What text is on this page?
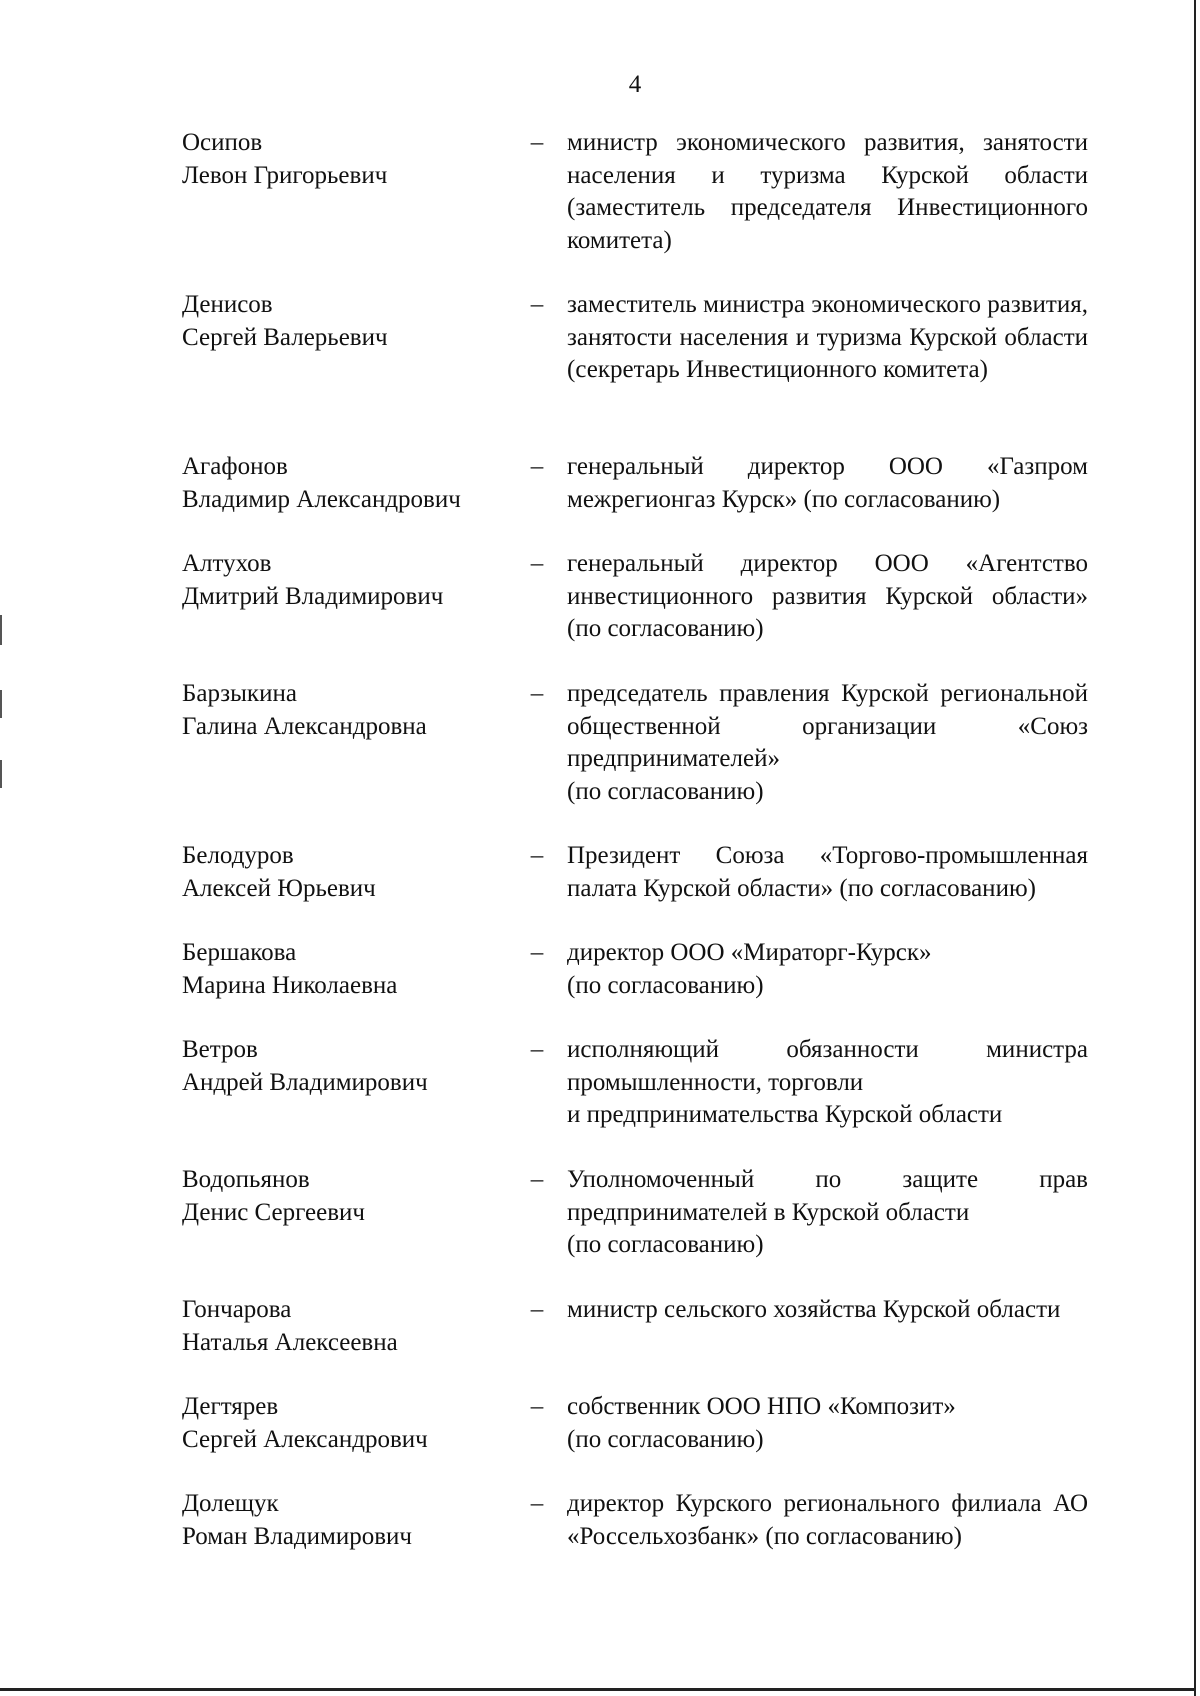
4
Осипов
Левон Григорьевич
– министр экономического развития, занятости населения и туризма Курской области (заместитель председателя Инвестиционного комитета)
Денисов
Сергей Валерьевич
– заместитель министра экономического развития, занятости населения и туризма Курской области (секретарь Инвестиционного комитета)
Агафонов
Владимир Александрович
– генеральный директор ООО «Газпром межрегионгаз Курск» (по согласованию)
Алтухов
Дмитрий Владимирович
– генеральный директор ООО «Агентство инвестиционного развития Курской области» (по согласованию)
Барзыкина
Галина Александровна
– председатель правления Курской региональной общественной организации «Союз предпринимателей»
(по согласованию)
Белодуров
Алексей Юрьевич
– Президент Союза «Торгово-промышленная палата Курской области» (по согласованию)
Бершакова
Марина Николаевна
– директор ООО «Мираторг-Курск»
(по согласованию)
Ветров
Андрей Владимирович
– исполняющий обязанности министра промышленности, торговли
и предпринимательства Курской области
Водопьянов
Денис Сергеевич
– Уполномоченный по защите прав предпринимателей в Курской области
(по согласованию)
Гончарова
Наталья Алексеевна
– министр сельского хозяйства Курской области
Дегтярев
Сергей Александрович
– собственник ООО НПО «Композит»
(по согласованию)
Долещук
Роман Владимирович
– директор Курского регионального филиала АО «Россельхозбанк» (по согласованию)
